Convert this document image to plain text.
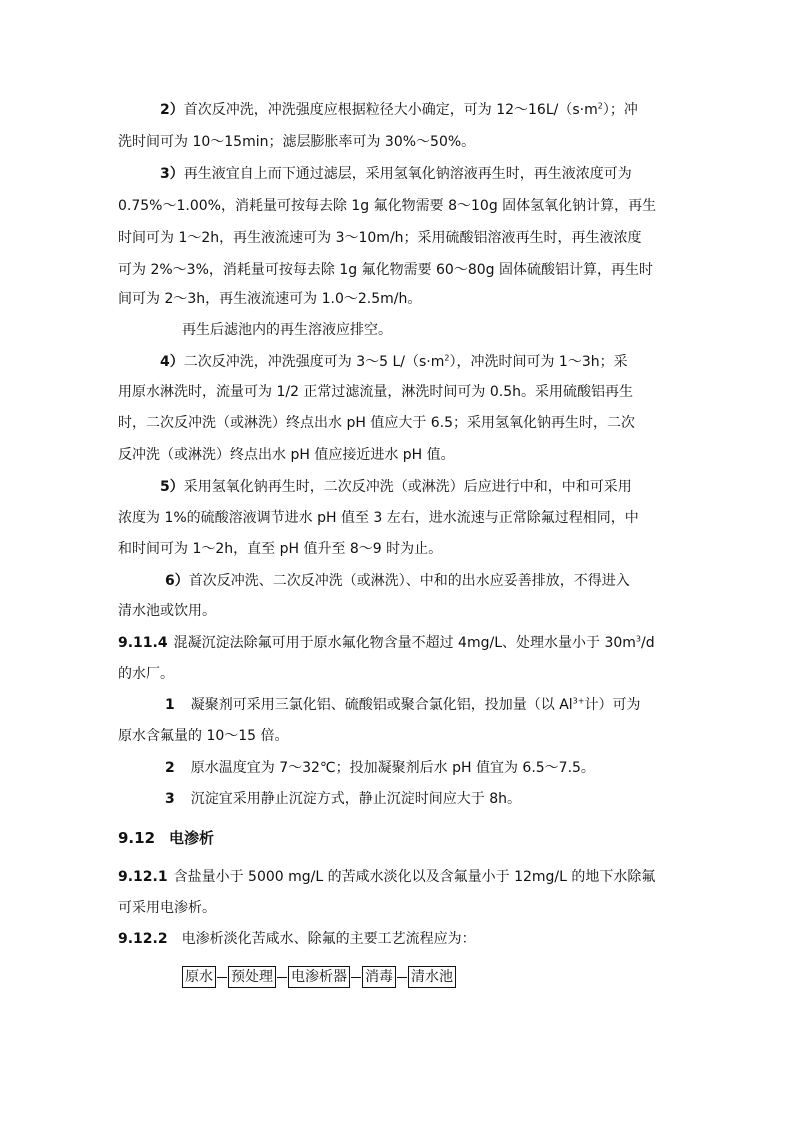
2）首次反冲洗，冲洗强度应根据粒径大小确定，可为 $12\sim 16L/(s\cdot m^2)$；冲
洗时间可为 10～15min；滤层膨胀率可为 30%～50%。
3）再生液宜自上而下通过滤层，采用氢氧化钠溶液再生时，再生液浓度可为
0.75%～1.00%，消耗量可按每去除 1g 氟化物需要 8～10g 固体氢氧化钠计算，再生
时间可为 1～2h，再生液流速可为 3～10m/h；采用硫酸铝溶液再生时，再生液浓度
可为 2%～3%，消耗量可按每去除 1g 氟化物需要 60～80g 固体硫酸铝计算，再生时
间可为 2～3h，再生液流速可为 1.0～2.5m/h。
再生后滤池内的再生溶液应排空。
4）二次反冲洗，冲洗强度可为 3～5 $L/(s\cdot m^2)$，冲洗时间可为 1～3h；采
用原水淋洗时，流量可为 1/2 正常过滤流量，淋洗时间可为 0.5h。采用硫酸铝再生
时，二次反冲洗（或淋洗）终点出水 pH 值应大于 6.5；采用氢氧化钠再生时，二次
反冲洗（或淋洗）终点出水 pH 值应接近进水 pH 值。
5）采用氢氧化钠再生时，二次反冲洗（或淋洗）后应进行中和，中和可采用
浓度为 1%的硫酸溶液调节进水 pH 值至 3 左右，进水流速与正常除氟过程相同，中
和时间可为 1～2h，直至 pH 值升至 8～9 时为止。
6）首次反冲洗、二次反冲洗（或淋洗）、中和的出水应妥善排放，不得进入
清水池或饮用。
9.11.4 混凝沉淀法除氟可用于原水氟化物含量不超过 4mg/L、处理水量小于 $30m^3/d$
的水厂。
1 凝聚剂可采用三氯化铝、硫酸铝或聚合氯化铝，投加量（以 $Al^{3+}$计）可为
原水含氟量的 10～15 倍。
2 原水温度宜为 7～32℃；投加凝聚剂后水 pH 值宜为 6.5～7.5。
3 沉淀宜采用静止沉淀方式，静止沉淀时间应大于 8h。
9.12 电渗析
9.12.1 含盐量小于 5000 mg/L 的苦咸水淡化以及含氟量小于 12mg/L 的地下水除氟
可采用电渗析。
9.12.2 电渗析淡化苦咸水、除氟的主要工艺流程应为：
原水 预处理 电渗析器 消毒 清水池
